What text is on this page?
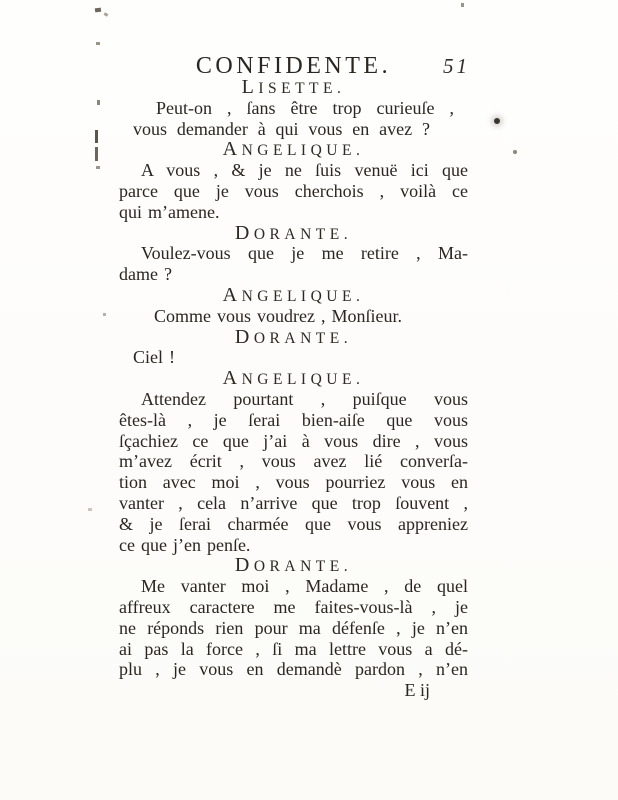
CONFIDENTE.	51
LISETTE.
Peut-on , ſans être trop curieuſe ,
vous demander à qui vous en avez ?
ANGELIQUE.
A vous , & je ne ſuis venuë ici que
parce que je vous cherchois , voilà ce
qui m’amene.
DORANTE.
Voulez-vous que je me retire , Ma-
dame ?
ANGELIQUE.
Comme vous voudrez , Monſieur.
DORANTE.
Ciel !
ANGELIQUE.
Attendez pourtant , puiſque vous
êtes-là , je ſerai bien-aiſe que vous
ſçachiez ce que j’ai à vous dire , vous
m’avez écrit , vous avez lié converſa-
tion avec moi , vous pourriez vous en
vanter , cela n’arrive que trop ſouvent ,
& je ſerai charmée que vous appreniez
ce que j’en penſe.
DORANTE.
Me vanter moi , Madame , de quel
affreux caractere me faites-vous-là , je
ne réponds rien pour ma défenſe , je n’en
ai pas la force , ſi ma lettre vous a dé-
plu , je vous en demandè pardon , n’en
E ij
